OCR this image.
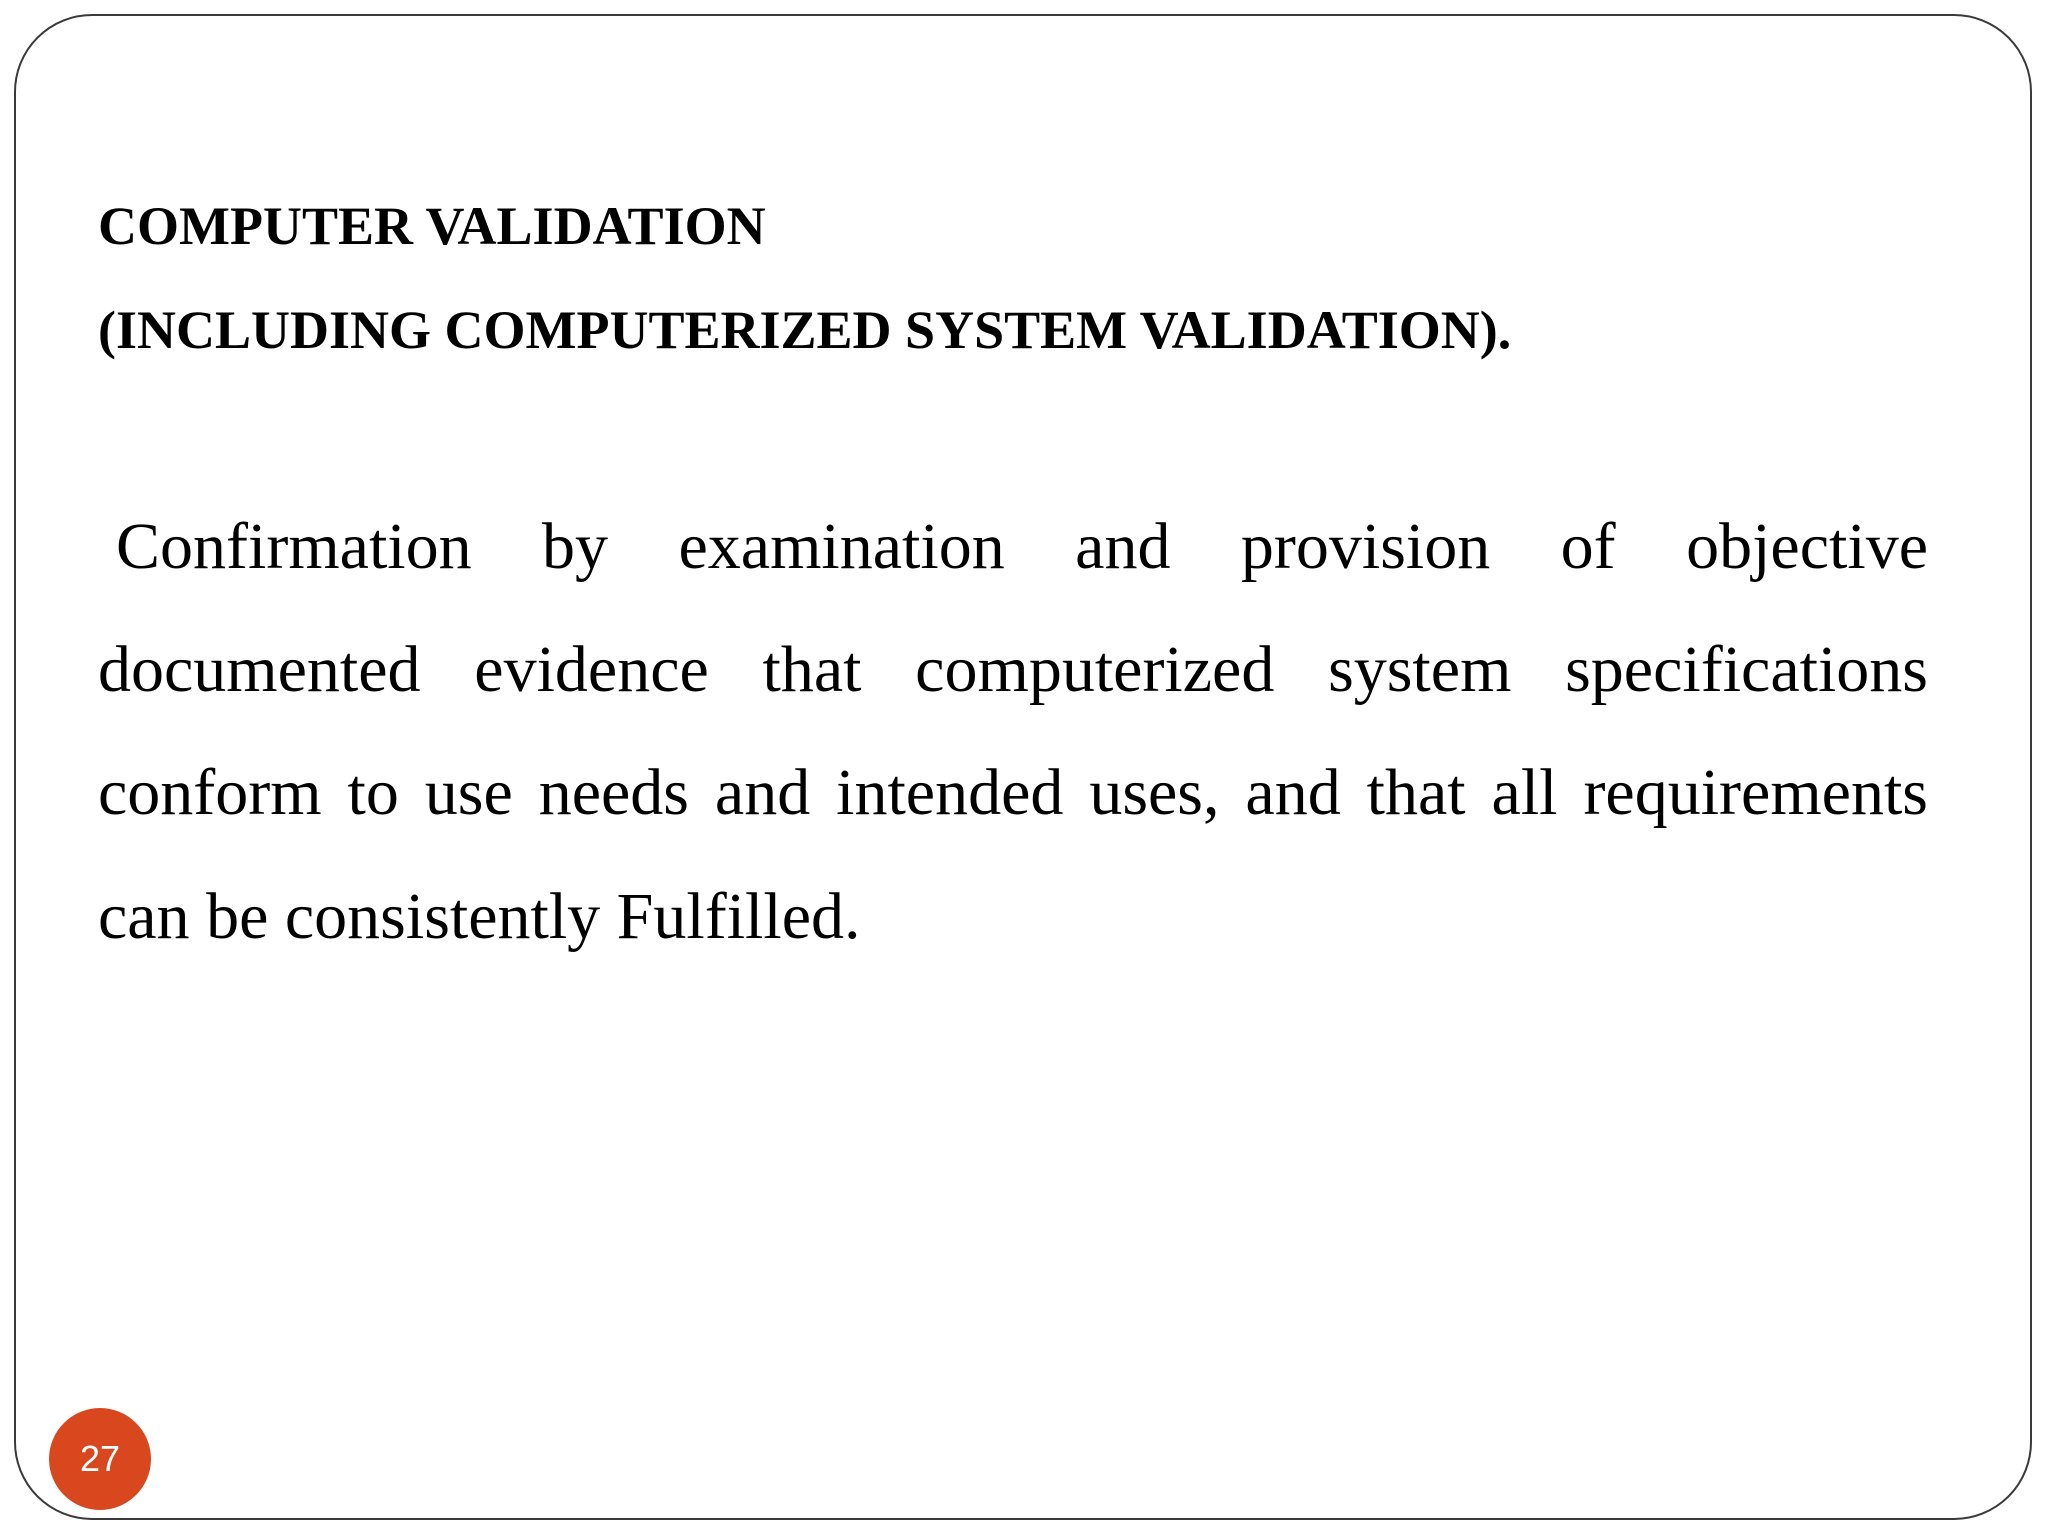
COMPUTER VALIDATION
(INCLUDING COMPUTERIZED SYSTEM VALIDATION).

Confirmation by examination and provision of objective

documented evidence that computerized system specifications

conform to use needs and intended uses, and that all requirements

can be consistently Fulfilled.

27
